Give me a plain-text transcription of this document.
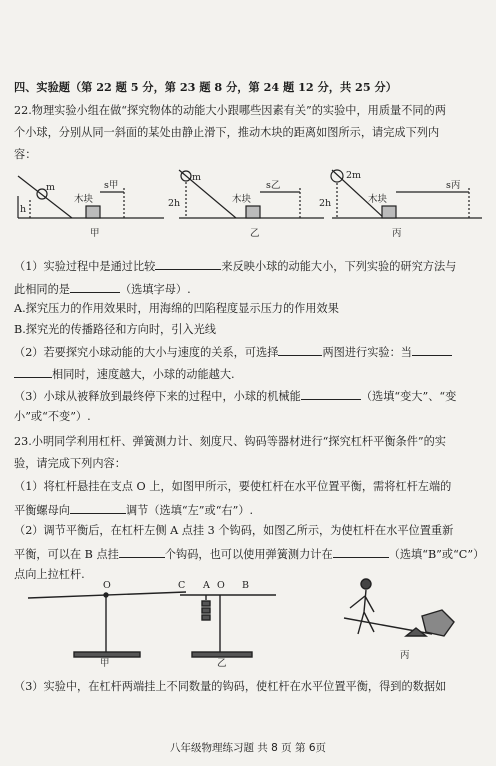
四、实验题（第 22 题 5 分，第 23 题 8 分，第 24 题 12 分，共 25 分）
22.物理实验小组在做“探究物体的动能大小跟哪些因素有关”的实验中，用质量不同的两
个小球，分别从同一斜面的某处由静止滑下，推动木块的距离如图所示，请完成下列内
容：
m
h
木块
s甲
甲
m
2h	木块
s乙
乙
2m
2h	木块
s丙
丙
（1）实验过程中是通过比较	来反映小球的动能大小，下列实验的研究方法与
此相同的是	（选填字母）.
A.探究压力的作用效果时，用海绵的凹陷程度显示压力的作用效果
B.探究光的传播路径和方向时，引入光线
（2）若要探究小球动能的大小与速度的关系，可选择	两图进行实验：当
相同时，速度越大，小球的动能越大.
（3）小球从被释放到最终停下来的过程中，小球的机械能	（选填“变大”、“变
小”或“不变”）.
23.小明同学利用杠杆、弹簧测力计、刻度尺、钩码等器材进行“探究杠杆平衡条件”的实
验，请完成下列内容：
（1）将杠杆悬挂在支点 O 上，如图甲所示，要使杠杆在水平位置平衡，需将杠杆左端的
平衡螺母向	调节（选填“左”或“右”）.
（2）调节平衡后，在杠杆左侧 A 点挂 3 个钩码，如图乙所示，为使杠杆在水平位置重新
平衡，可以在 B 点挂	个钩码，也可以使用弹簧测力计在	（选填“B”或“C”）
点向上拉杠杆.
O
甲
C A O B
乙
丙
（3）实验中，在杠杆两端挂上不同数量的钩码，使杠杆在水平位置平衡，得到的数据如
八年级物理练习题 共 8 页 第 6页
